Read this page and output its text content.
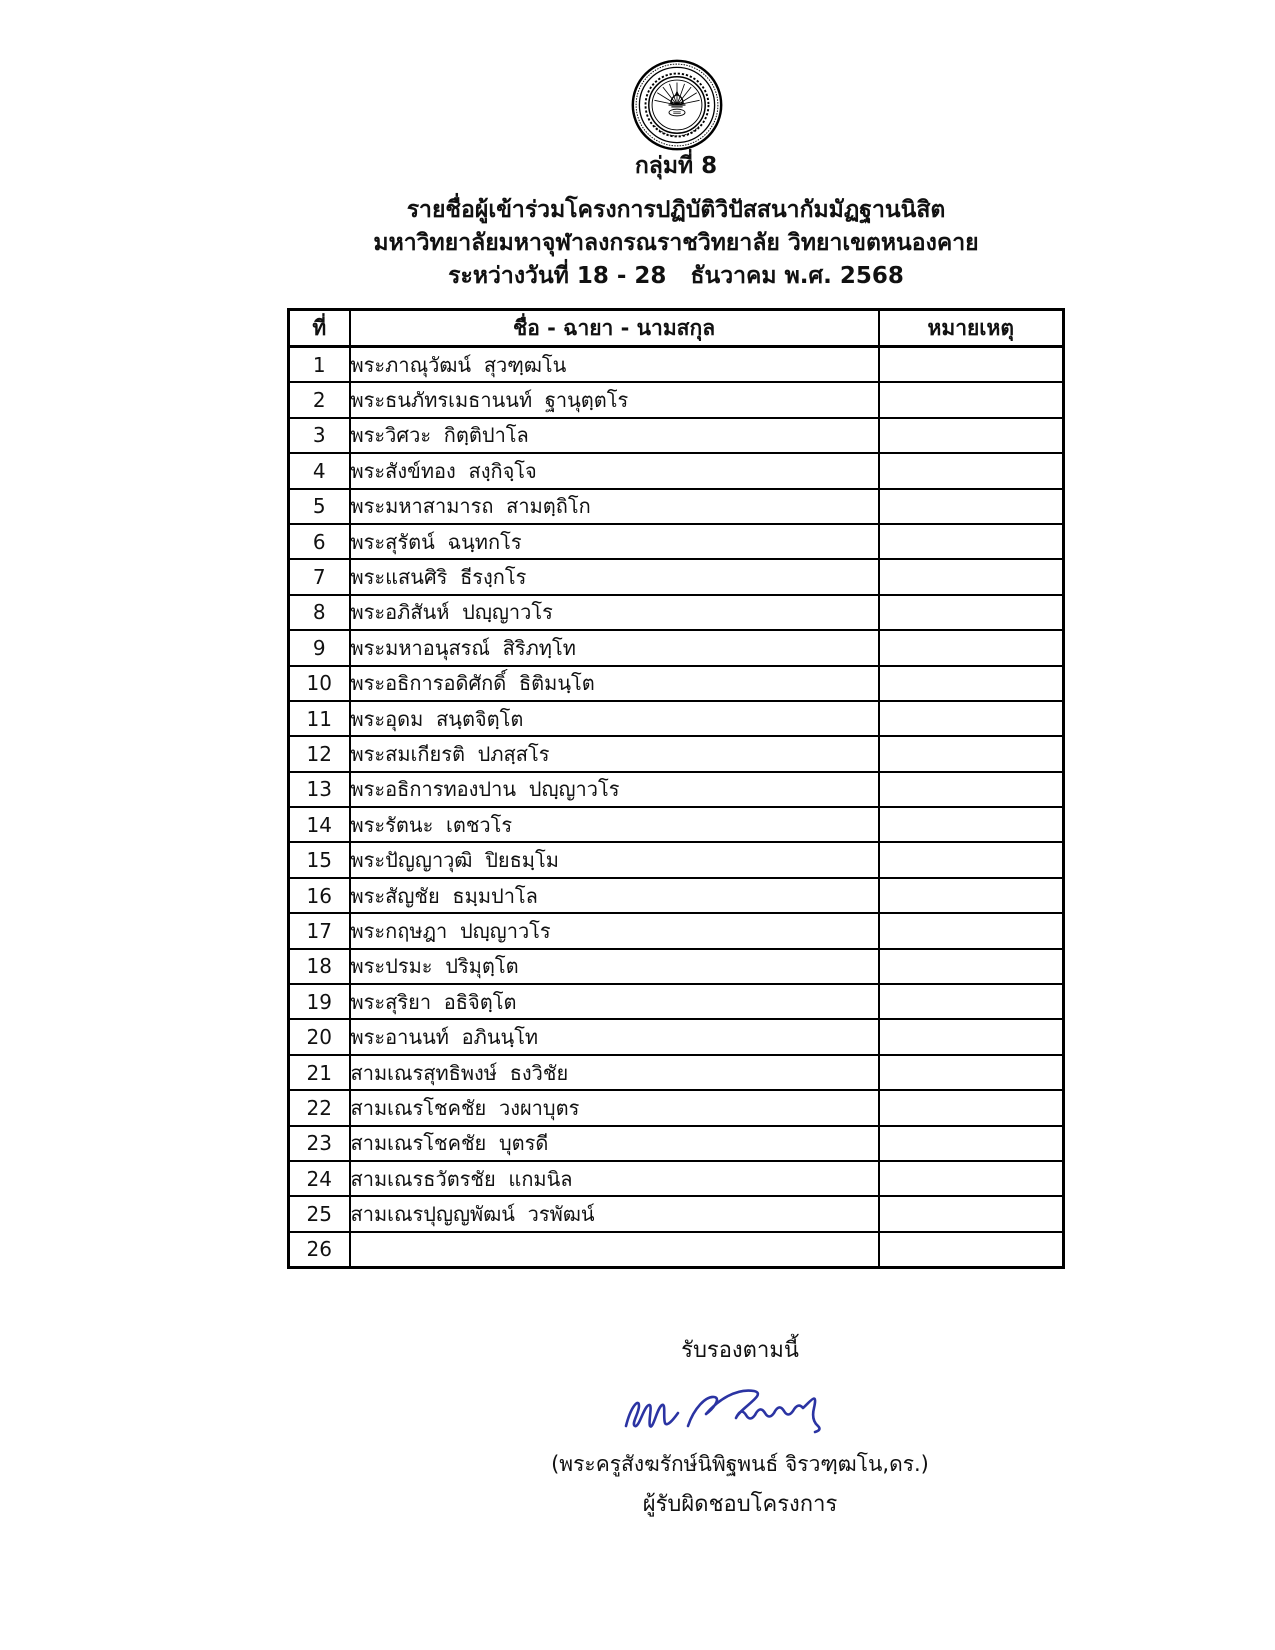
กลุ่มที่ 8
รายชื่อผู้เข้าร่วมโครงการปฏิบัติวิปัสสนากัมมัฏฐานนิสิต
มหาวิทยาลัยมหาจุฬาลงกรณราชวิทยาลัย วิทยาเขตหนองคาย
ระหว่างวันที่ 18 - 28   ธันวาคม พ.ศ. 2568
ที่	ชื่อ - ฉายา - นามสกุล	หมายเหตุ
1	พระภาณุวัฒน์  สุวฑฺฒโน	
2	พระธนภัทรเมธานนท์  ฐานุตฺตโร	
3	พระวิศวะ  กิตฺติปาโล	
4	พระสังข์ทอง  สงฺกิจฺโจ	
5	พระมหาสามารถ  สามตฺถิโก	
6	พระสุรัตน์  ฉนฺทกโร	
7	พระแสนศิริ  ธีรงฺกโร	
8	พระอภิสันห์  ปญฺญาวโร	
9	พระมหาอนุสรณ์  สิริภทฺโท	
10	พระอธิการอดิศักดิ์  ธิติมนฺโต	
11	พระอุดม  สนฺตจิตฺโต	
12	พระสมเกียรติ  ปภสฺสโร	
13	พระอธิการทองปาน  ปญฺญาวโร	
14	พระรัตนะ  เตชวโร	
15	พระปัญญาวุฒิ  ปิยธมฺโม	
16	พระสัญชัย  ธมฺมปาโล	
17	พระกฤษฎา  ปญฺญาวโร	
18	พระปรมะ  ปริมุตฺโต	
19	พระสุริยา  อธิจิตฺโต	
20	พระอานนท์  อภินนฺโท	
21	สามเณรสุทธิพงษ์  ธงวิชัย	
22	สามเณรโชคชัย  วงผาบุตร	
23	สามเณรโชคชัย  บุตรดี	
24	สามเณรธวัตรชัย  แกมนิล	
25	สามเณรปุญญพัฒน์  วรพัฒน์	
26		
รับรองตามนี้
(พระครูสังฆรักษ์นิพิฐพนธ์ จิรวฑฺฒโน,ดร.)
ผู้รับผิดชอบโครงการ
